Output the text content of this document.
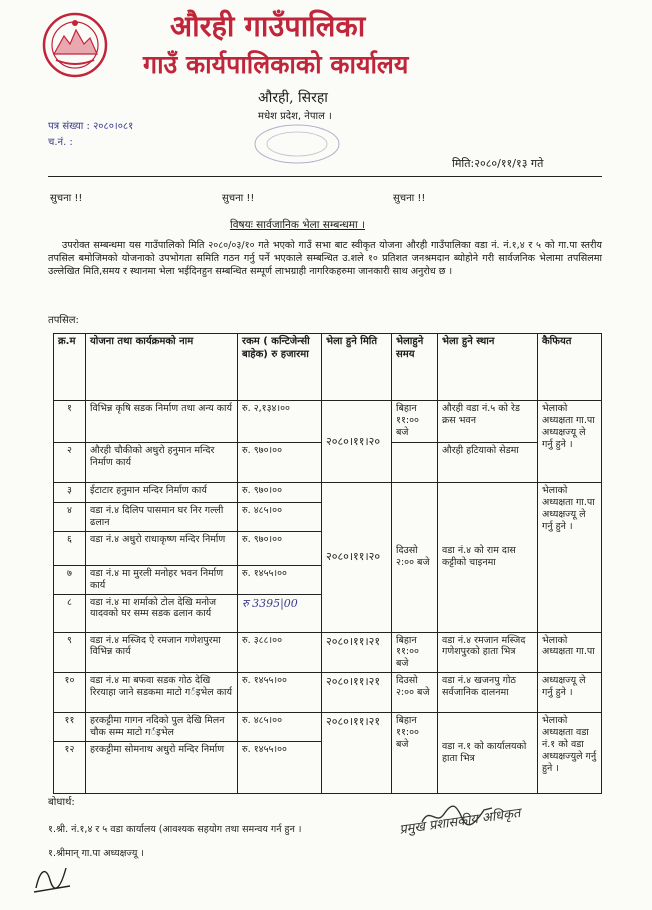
औरही गाउँपालिका
गाउँ कार्यपालिकाको कार्यालय
औरही, सिरहा
मधेश प्रदेश, नेपाल ।
पत्र संख्या : २०८०।०८१
च.नं. :
मिति:२०८०/११/१३ गते
सुचना !!	सुचना !!	सुचना !!
विषयः सार्वजानिक भेला सम्बन्धमा ।
उपरोक्त सम्बन्धमा यस गाउँपालिको मिति २०८०/०३/१० गते भएको गाउँ सभा बाट स्वीकृत योजना औरही गाउँपालिका वडा नं. नं.१,४ र ५ को गा.पा स्तरीय तपसिल बमोजिमको योजनाको उपभोगता समिति गठन गर्नु पर्ने भएकाले सम्बन्धित उ.शले १० प्रतिशत जनश्रमदान ब्योहोने गरी सार्वजनिक भेलामा तपसिलमा उल्लेखित मिति,समय र स्थानमा भेला भईदिनहुन सम्बन्धित सम्पूर्ण लाभग्राही नागरिकहरुमा जानकारी साथ अनुरोध छ ।
तपसिल:
क्र.म	योजना तथा कार्यक्रमको नाम	रकम ( कन्टिजेन्सी बाहेक) रु हजारमा	भेला हुने मिति	भेलाहुने समय	भेला हुने स्थान	कैफियत
१	विभिन्न कृषि सडक निर्माण तथा अन्य कार्य	रु. २,१३४।००	२०८०।११।२०	बिहान ११:०० बजे	औरही वडा नं.५ को रेड क्रस भवन	भेलाको अध्यक्षता गा.पा अध्यक्षज्यू ले गर्नु हुने ।
२	औरही चौकीको अधुरो हनुमान मन्दिर निर्माण कार्य	रु. ९७०।००			औरही हटियाको सेडमा	
३	ईटाटार हनुमान मन्दिर निर्माण कार्य	रु. ९७०।००	२०८०।११।२०	दिउसो २:०० बजे	वडा नं.४ को राम दास कट्टीको चाइनमा	भेलाको अध्यक्षता गा.पा अध्यक्षज्यू ले गर्नु हुने ।
४	वडा नं.४ दिलिप पासमान घर निर गल्ली ढलान	रु. ४८५।००				
६	वडा नं.४ अधुरो राधाकृष्ण मन्दिर निर्माण	रु. ९७०।००				
७	वडा नं.४ मा मुरली मनोहर भवन निर्माण कार्य	रु. १४५५।००				
८	वडा नं.४ मा शर्माको टोल देखि मनोज यादवको घर सम्म सडक ढलान कार्य	रु 3395|00				
९	वडा नं.४ मस्जिद ऐ रमजान गणेशपुरमा विभिन्न कार्य	रु. ३८८।००	२०८०।११।२१	बिहान ११:०० बजे	वडा नं.४ रमजान मस्जिद गणेशपुरको हाता भित्र	भेलाको अध्यक्षता गा.पा
१०	वडा नं.४ मा बफवा सडक गोठ देखि रिरयाहा जाने सडकमा माटो गर्इभेल कार्य	रु. १४५५।००	२०८०।११।२१	दिउसो २:०० बजे	वडा नं.४ खजनपु गोठ सर्वजानिक दालनमा	अध्यक्षज्यू ले गर्नु हुने ।
११	हरकट्टीमा गागन नदिको पुल देखि मिलन चौक सम्म माटो गर्इभेल	रु. ४८५।००	२०८०।११।२१	बिहान ११:०० बजे	वडा न.१ को कार्यालयको हाता भित्र	भेलाको अध्यक्षता वडा नं.१ को वडा अध्यक्षज्युले गर्नु हुने ।
१२	हरकट्टीमा सोमनाथ अधुरो मन्दिर निर्माण	रु. १४५५।००				
बोधार्थ:
१.श्री. नं.१,४ र ५ वडा कार्यालय (आवश्यक सहयोग तथा समन्वय गर्न हुन ।
१.श्रीमान् गा.पा अध्यक्षज्यू ।
प्रमुख प्रशासकीय अधिकृत
